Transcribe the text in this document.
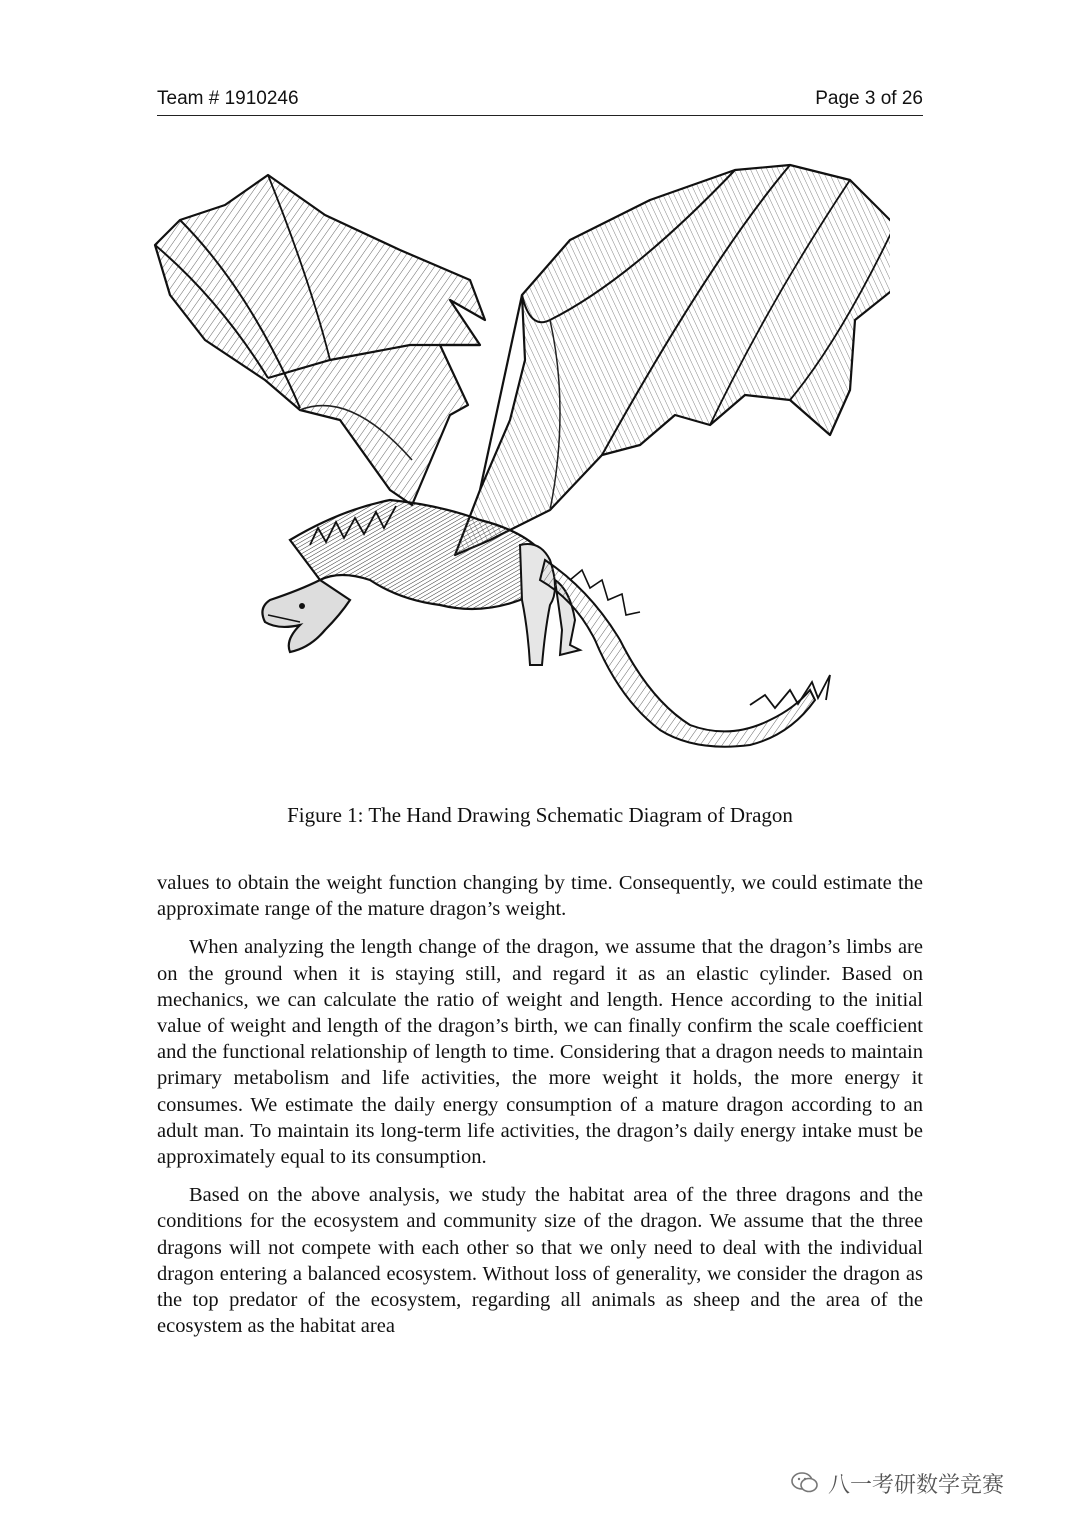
Team # 1910246	Page 3 of 26
Figure 1: The Hand Drawing Schematic Diagram of Dragon

values to obtain the weight function changing by time. Consequently, we could estimate the approximate range of the mature dragon’s weight.

When analyzing the length change of the dragon, we assume that the dragon’s limbs are on the ground when it is staying still, and regard it as an elastic cylinder. Based on mechanics, we can calculate the ratio of weight and length. Hence according to the initial value of weight and length of the dragon’s birth, we can finally confirm the scale coefficient and the functional relationship of length to time. Considering that a dragon needs to maintain primary metabolism and life activities, the more weight it holds, the more energy it consumes. We estimate the daily energy consumption of a mature dragon according to an adult man. To maintain its long-term life activities, the dragon’s daily energy intake must be approximately equal to its consumption.

Based on the above analysis, we study the habitat area of the three dragons and the conditions for the ecosystem and community size of the dragon. We assume that the three dragons will not compete with each other so that we only need to deal with the individual dragon entering a balanced ecosystem. Without loss of generality, we consider the dragon as the top predator of the ecosystem, regarding all animals as sheep and the area of the ecosystem as the habitat area

八一考研数学竞赛
